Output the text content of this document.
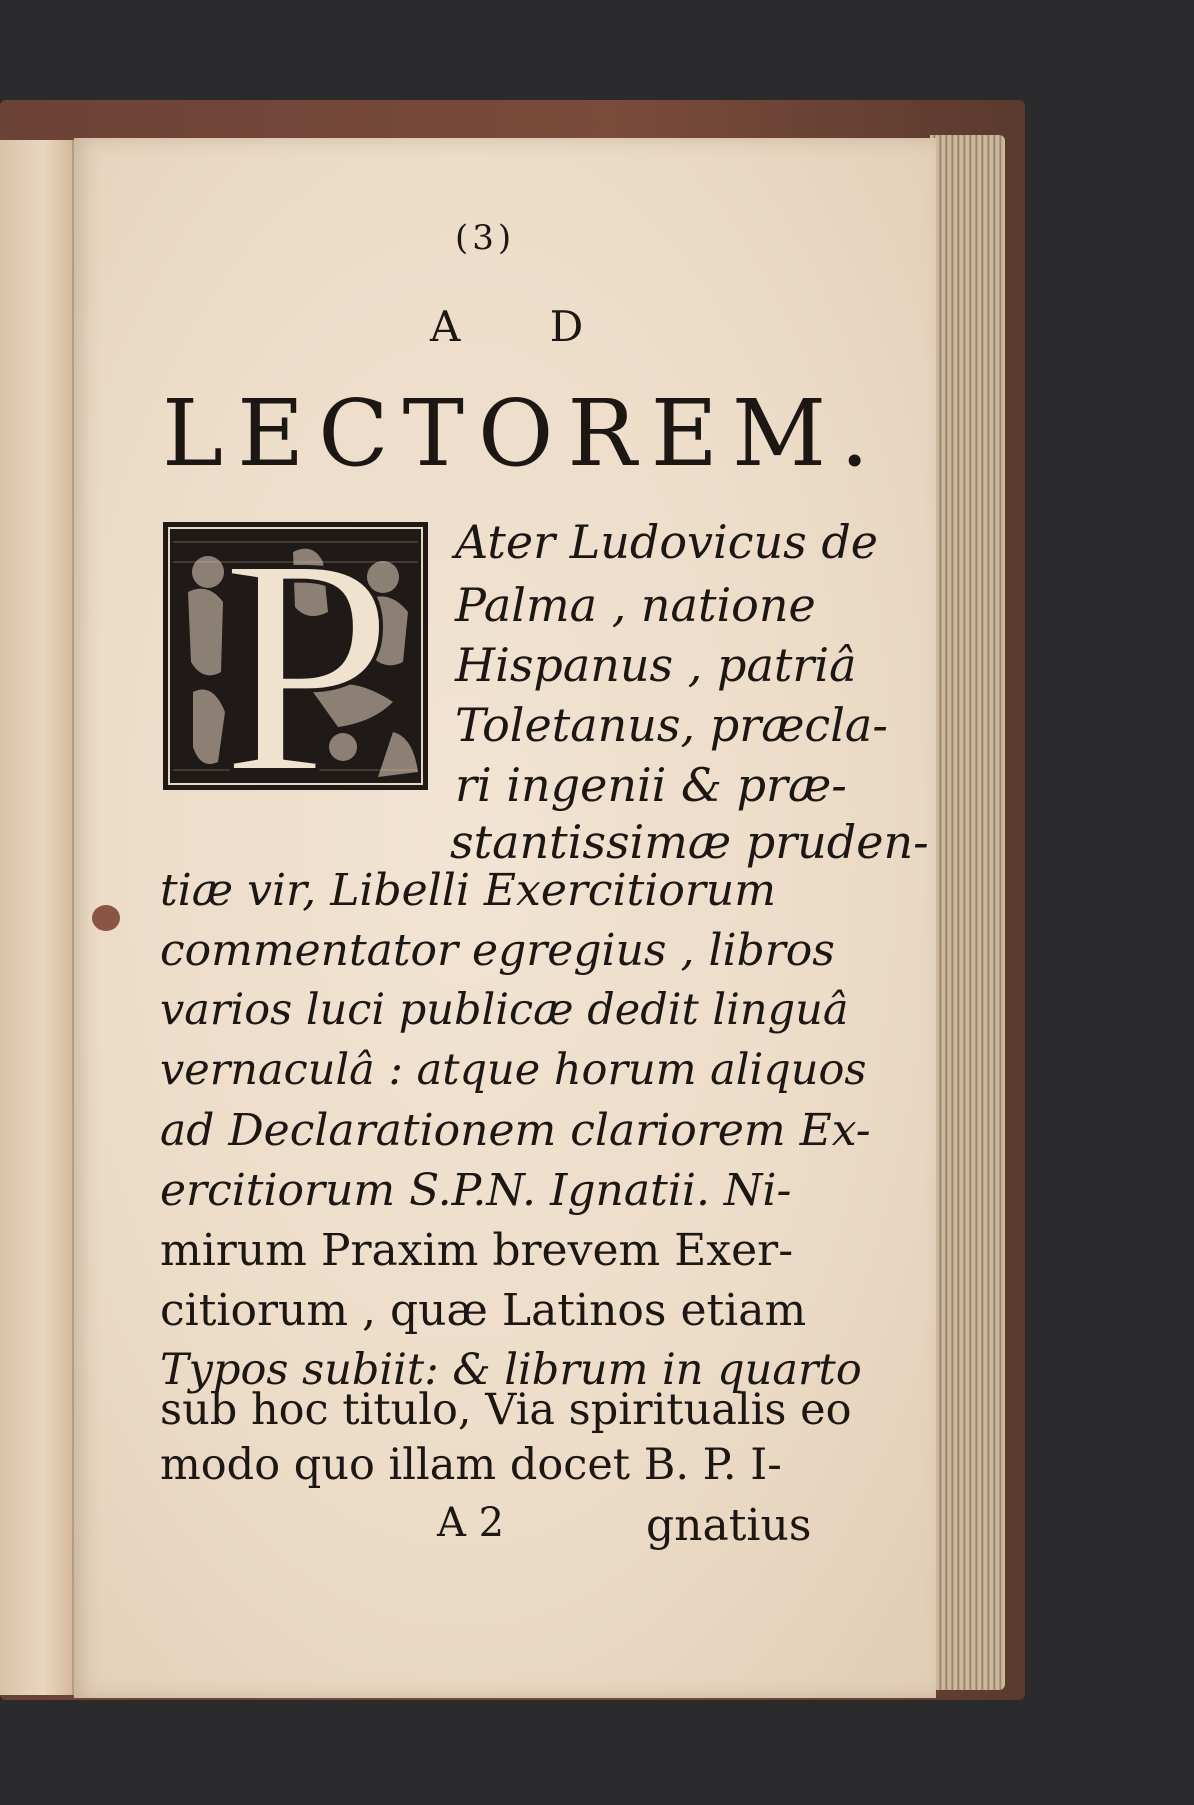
(3)
A D
LECTOREM.
P Ater Ludovicus de
Palma , natione
Hispanus , patriâ
Toletanus, præcla-
ri ingenii & præ-
stantissimæ pruden-
tiæ vir, Libelli Exercitiorum
commentator egregius , libros
varios luci publicæ dedit linguâ
vernaculâ : atque horum aliquos
ad Declarationem clariorem Ex-
ercitiorum S.P.N. Ignatii. Ni-
mirum Praxim brevem Exer-
citiorum , quæ Latinos etiam
Typos subiit: & librum in quarto
sub hoc titulo, Via spiritualis eo
modo quo illam docet B. P. I-
A 2	gnatius
